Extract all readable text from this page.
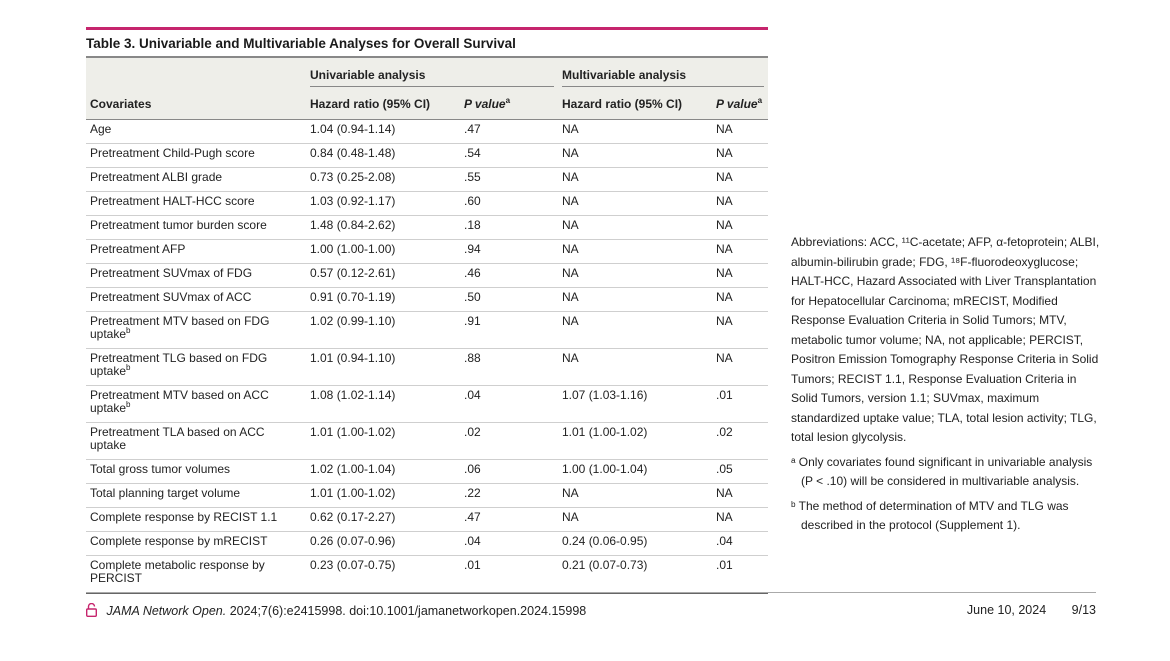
Table 3. Univariable and Multivariable Analyses for Overall Survival

	Univariable analysis		Multivariable analysis	

Covariates	Hazard ratio (95% CI)	P value$^a$	Hazard ratio (95% CI)	P value$^a$
Age	1.04 (0.94-1.14)	.47	NA	NA
Pretreatment Child-Pugh score	0.84 (0.48-1.48)	.54	NA	NA
Pretreatment ALBI grade	0.73 (0.25-2.08)	.55	NA	NA
Pretreatment HALT-HCC score	1.03 (0.92-1.17)	.60	NA	NA
Pretreatment tumor burden score	1.48 (0.84-2.62)	.18	NA	NA
Pretreatment AFP	1.00 (1.00-1.00)	.94	NA	NA
Pretreatment SUVmax of FDG	0.57 (0.12-2.61)	.46	NA	NA
Pretreatment SUVmax of ACC	0.91 (0.70-1.19)	.50	NA	NA
Pretreatment MTV based on FDG uptake$^b$	1.02 (0.99-1.10)	.91	NA	NA
Pretreatment TLG based on FDG uptake$^b$	1.01 (0.94-1.10)	.88	NA	NA
Pretreatment MTV based on ACC uptake$^b$	1.08 (1.02-1.14)	.04	1.07 (1.03-1.16)	.01
Pretreatment TLA based on ACC uptake	1.01 (1.00-1.02)	.02	1.01 (1.00-1.02)	.02
Total gross tumor volumes	1.02 (1.00-1.04)	.06	1.00 (1.00-1.04)	.05
Total planning target volume	1.01 (1.00-1.02)	.22	NA	NA
Complete response by RECIST 1.1	0.62 (0.17-2.27)	.47	NA	NA
Complete response by mRECIST	0.26 (0.07-0.96)	.04	0.24 (0.06-0.95)	.04
Complete metabolic response by PERCIST	0.23 (0.07-0.75)	.01	0.21 (0.07-0.73)	.01

Abbreviations: ACC, ¹¹C-acetate; AFP, α-fetoprotein; ALBI, albumin-bilirubin grade; FDG, ¹⁸F-fluorodeoxyglucose; HALT-HCC, Hazard Associated with Liver Transplantation for Hepatocellular Carcinoma; mRECIST, Modified Response Evaluation Criteria in Solid Tumors; MTV, metabolic tumor volume; NA, not applicable; PERCIST, Positron Emission Tomography Response Criteria in Solid Tumors; RECIST 1.1, Response Evaluation Criteria in Solid Tumors, version 1.1; SUVmax, maximum standardized uptake value; TLA, total lesion activity; TLG, total lesion glycolysis.

ᵃ Only covariates found significant in univariable analysis (P < .10) will be considered in multivariable analysis.

ᵇ The method of determination of MTV and TLG was described in the protocol (Supplement 1).

JAMA Network Open. 2024;7(6):e2415998. doi:10.1001/jamanetworkopen.2024.15998	June 10, 2024 9/13
